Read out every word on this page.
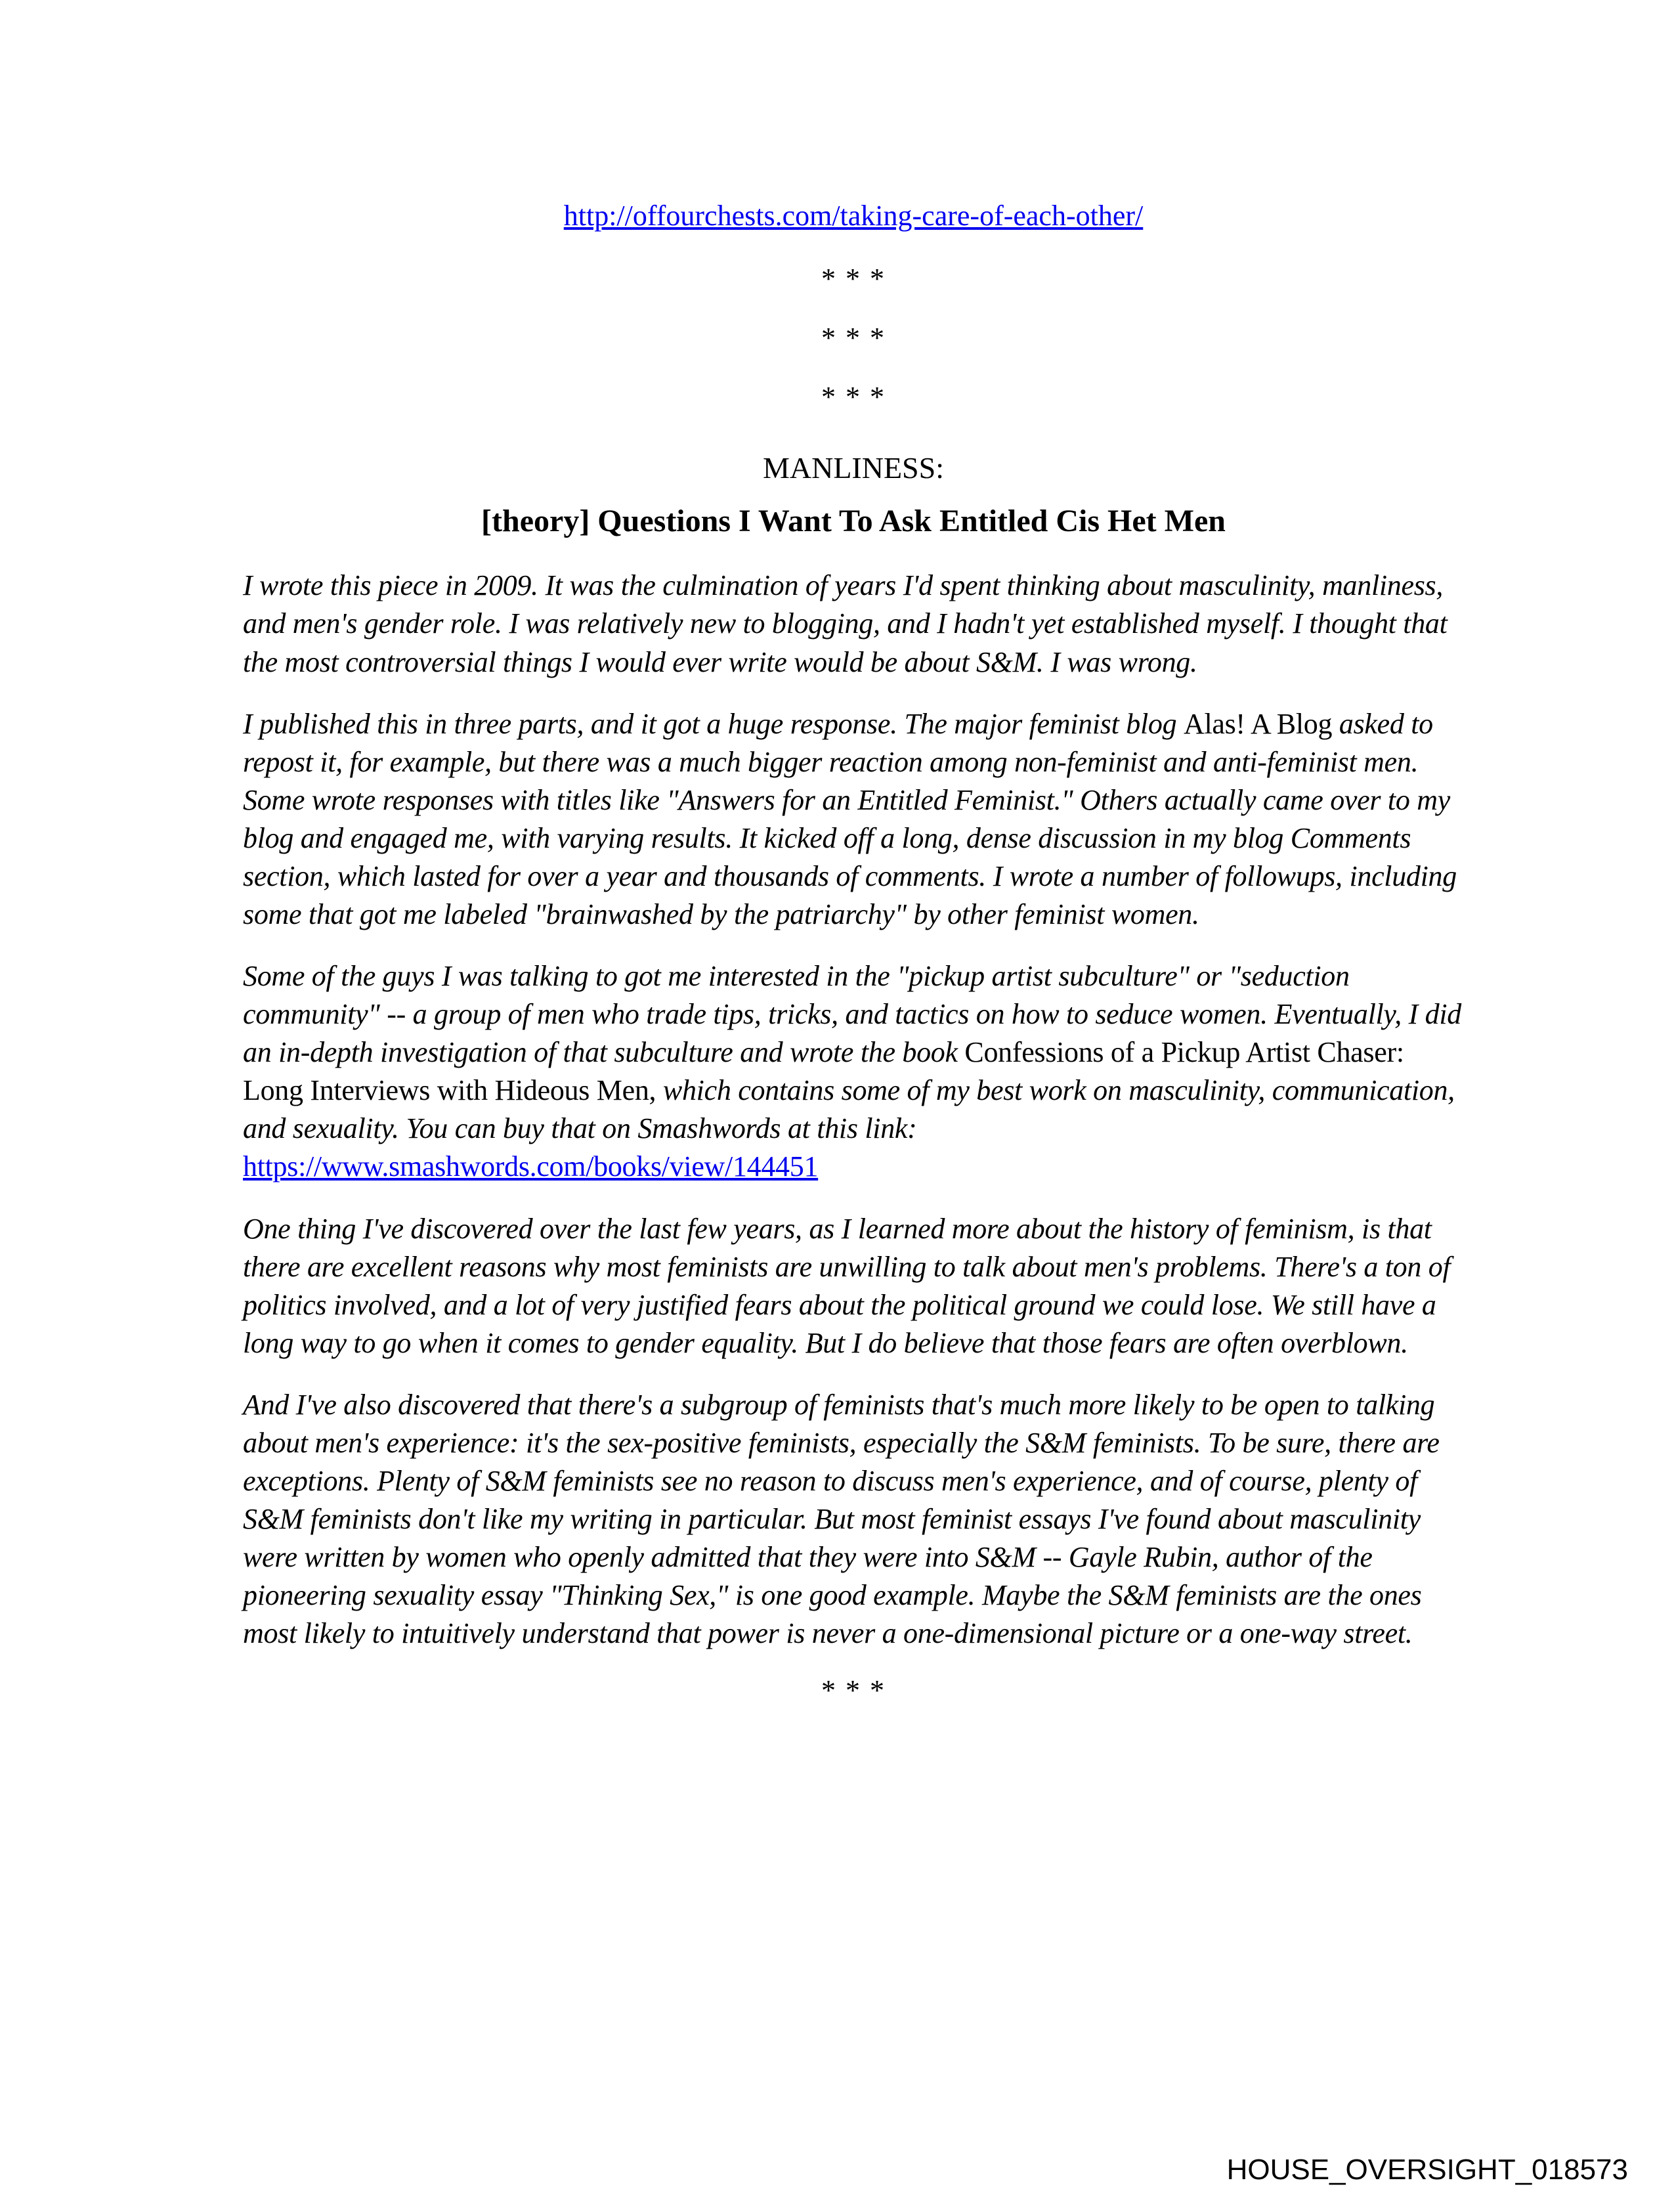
http://offourchests.com/taking-care-of-each-other/
* * *
* * *
* * *
MANLINESS:
[theory] Questions I Want To Ask Entitled Cis Het Men

I wrote this piece in 2009. It was the culmination of years I'd spent thinking about masculinity, manliness, and men's gender role. I was relatively new to blogging, and I hadn't yet established myself. I thought that the most controversial things I would ever write would be about S&M. I was wrong.

I published this in three parts, and it got a huge response. The major feminist blog Alas! A Blog asked to repost it, for example, but there was a much bigger reaction among non-feminist and anti-feminist men. Some wrote responses with titles like "Answers for an Entitled Feminist." Others actually came over to my blog and engaged me, with varying results. It kicked off a long, dense discussion in my blog Comments section, which lasted for over a year and thousands of comments. I wrote a number of followups, including some that got me labeled "brainwashed by the patriarchy" by other feminist women.

Some of the guys I was talking to got me interested in the "pickup artist subculture" or "seduction community" -- a group of men who trade tips, tricks, and tactics on how to seduce women. Eventually, I did an in-depth investigation of that subculture and wrote the book Confessions of a Pickup Artist Chaser: Long Interviews with Hideous Men, which contains some of my best work on masculinity, communication, and sexuality. You can buy that on Smashwords at this link:
https://www.smashwords.com/books/view/144451

One thing I've discovered over the last few years, as I learned more about the history of feminism, is that there are excellent reasons why most feminists are unwilling to talk about men's problems. There's a ton of politics involved, and a lot of very justified fears about the political ground we could lose. We still have a long way to go when it comes to gender equality. But I do believe that those fears are often overblown.

And I've also discovered that there's a subgroup of feminists that's much more likely to be open to talking about men's experience: it's the sex-positive feminists, especially the S&M feminists. To be sure, there are exceptions. Plenty of S&M feminists see no reason to discuss men's experience, and of course, plenty of S&M feminists don't like my writing in particular. But most feminist essays I've found about masculinity were written by women who openly admitted that they were into S&M -- Gayle Rubin, author of the pioneering sexuality essay "Thinking Sex," is one good example. Maybe the S&M feminists are the ones most likely to intuitively understand that power is never a one-dimensional picture or a one-way street.

* * *
HOUSE_OVERSIGHT_018573
